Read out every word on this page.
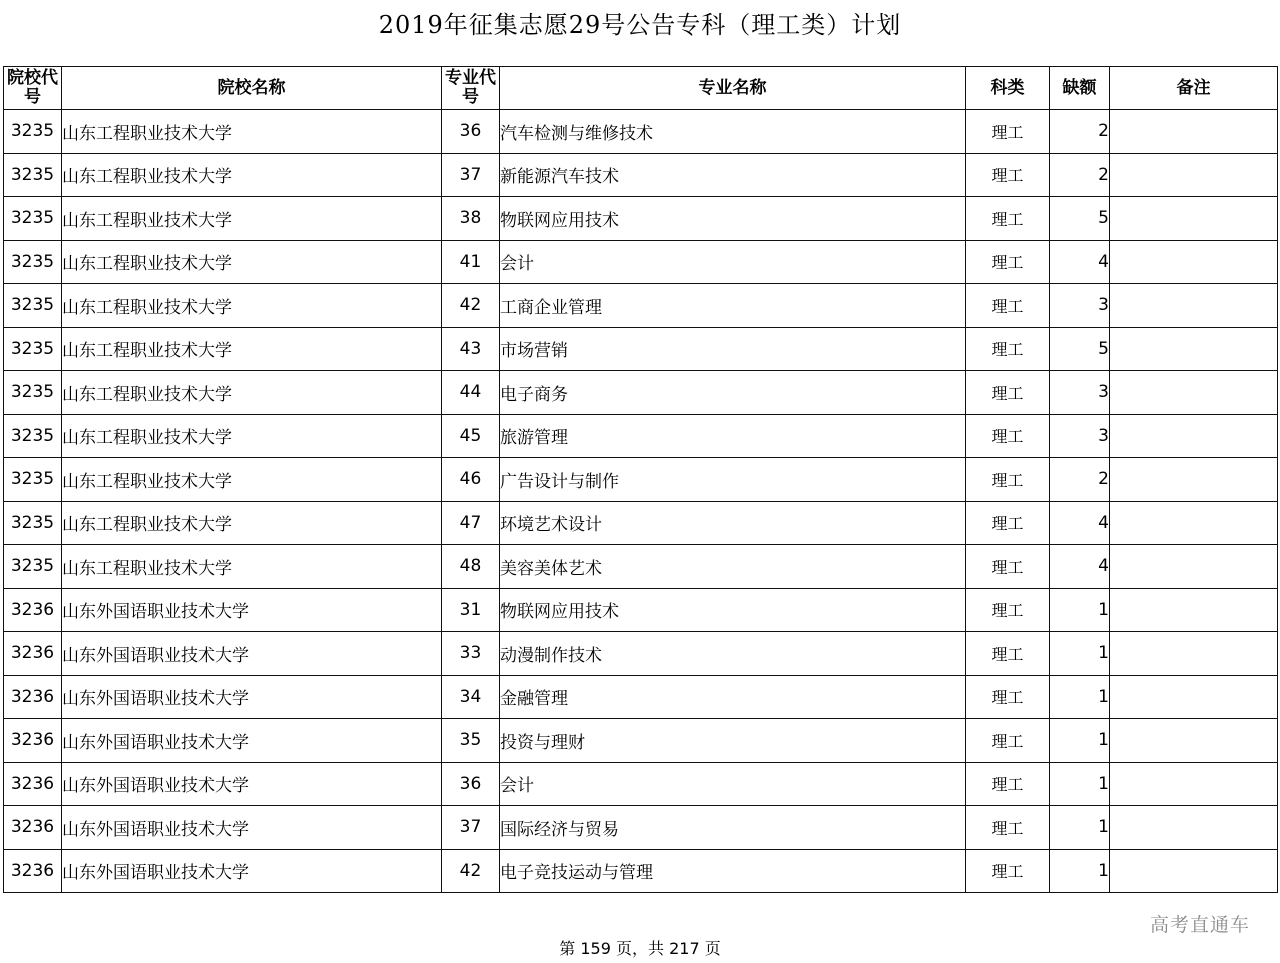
2019年征集志愿29号公告专科（理工类）计划
院校代号	院校名称	专业代号	专业名称	科类	缺额	备注
3235	山东工程职业技术大学	36	汽车检测与维修技术	理工	2	
3235	山东工程职业技术大学	37	新能源汽车技术	理工	2	
3235	山东工程职业技术大学	38	物联网应用技术	理工	5	
3235	山东工程职业技术大学	41	会计	理工	4	
3235	山东工程职业技术大学	42	工商企业管理	理工	3	
3235	山东工程职业技术大学	43	市场营销	理工	5	
3235	山东工程职业技术大学	44	电子商务	理工	3	
3235	山东工程职业技术大学	45	旅游管理	理工	3	
3235	山东工程职业技术大学	46	广告设计与制作	理工	2	
3235	山东工程职业技术大学	47	环境艺术设计	理工	4	
3235	山东工程职业技术大学	48	美容美体艺术	理工	4	
3236	山东外国语职业技术大学	31	物联网应用技术	理工	1	
3236	山东外国语职业技术大学	33	动漫制作技术	理工	1	
3236	山东外国语职业技术大学	34	金融管理	理工	1	
3236	山东外国语职业技术大学	35	投资与理财	理工	1	
3236	山东外国语职业技术大学	36	会计	理工	1	
3236	山东外国语职业技术大学	37	国际经济与贸易	理工	1	
3236	山东外国语职业技术大学	42	电子竞技运动与管理	理工	1	
高考直通车
第 159 页，共 217 页
